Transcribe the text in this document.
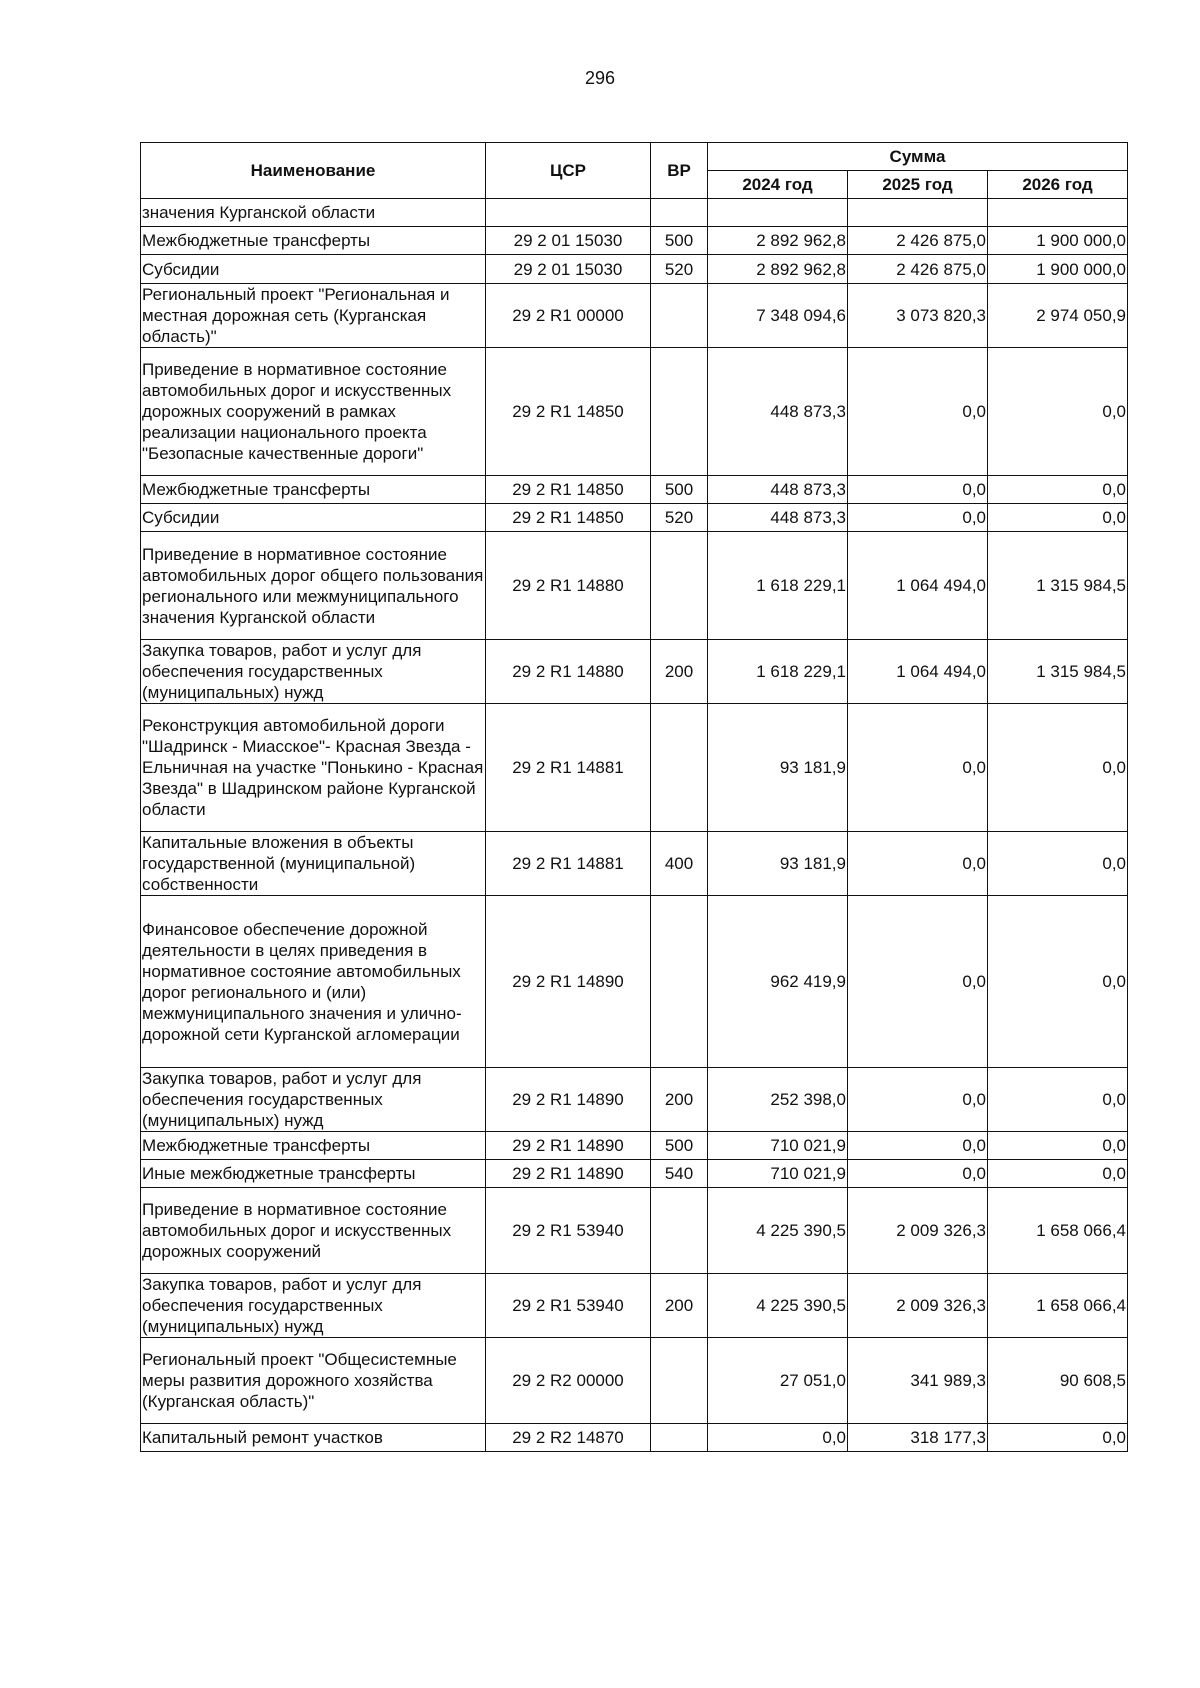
296
Наименование	ЦСР	ВР	Сумма		
			2024 год	2025 год	2026 год
значения Курганской области					
Межбюджетные трансферты	29 2 01 15030	500	2 892 962,8	2 426 875,0	1 900 000,0
Субсидии	29 2 01 15030	520	2 892 962,8	2 426 875,0	1 900 000,0
Региональный проект "Региональная и местная дорожная сеть (Курганская область)"	29 2 R1 00000		7 348 094,6	3 073 820,3	2 974 050,9
Приведение в нормативное состояние автомобильных дорог и искусственных дорожных сооружений в рамках реализации национального проекта "Безопасные качественные дороги"	29 2 R1 14850		448 873,3	0,0	0,0
Межбюджетные трансферты	29 2 R1 14850	500	448 873,3	0,0	0,0
Субсидии	29 2 R1 14850	520	448 873,3	0,0	0,0
Приведение в нормативное состояние автомобильных дорог общего пользования регионального или межмуниципального значения Курганской области	29 2 R1 14880		1 618 229,1	1 064 494,0	1 315 984,5
Закупка товаров, работ и услуг для обеспечения государственных (муниципальных) нужд	29 2 R1 14880	200	1 618 229,1	1 064 494,0	1 315 984,5
Реконструкция автомобильной дороги "Шадринск - Миасское"- Красная Звезда - Ельничная на участке "Понькино - Красная Звезда" в Шадринском районе Курганской области	29 2 R1 14881		93 181,9	0,0	0,0
Капитальные вложения в объекты государственной (муниципальной) собственности	29 2 R1 14881	400	93 181,9	0,0	0,0
Финансовое обеспечение дорожной деятельности в целях приведения в нормативное состояние автомобильных дорог регионального и (или) межмуниципального значения и улично-дорожной сети Курганской агломерации	29 2 R1 14890		962 419,9	0,0	0,0
Закупка товаров, работ и услуг для обеспечения государственных (муниципальных) нужд	29 2 R1 14890	200	252 398,0	0,0	0,0
Межбюджетные трансферты	29 2 R1 14890	500	710 021,9	0,0	0,0
Иные межбюджетные трансферты	29 2 R1 14890	540	710 021,9	0,0	0,0
Приведение в нормативное состояние автомобильных дорог и искусственных дорожных сооружений	29 2 R1 53940		4 225 390,5	2 009 326,3	1 658 066,4
Закупка товаров, работ и услуг для обеспечения государственных (муниципальных) нужд	29 2 R1 53940	200	4 225 390,5	2 009 326,3	1 658 066,4
Региональный проект "Общесистемные меры развития дорожного хозяйства (Курганская область)"	29 2 R2 00000		27 051,0	341 989,3	90 608,5
Капитальный ремонт участков	29 2 R2 14870		0,0	318 177,3	0,0
